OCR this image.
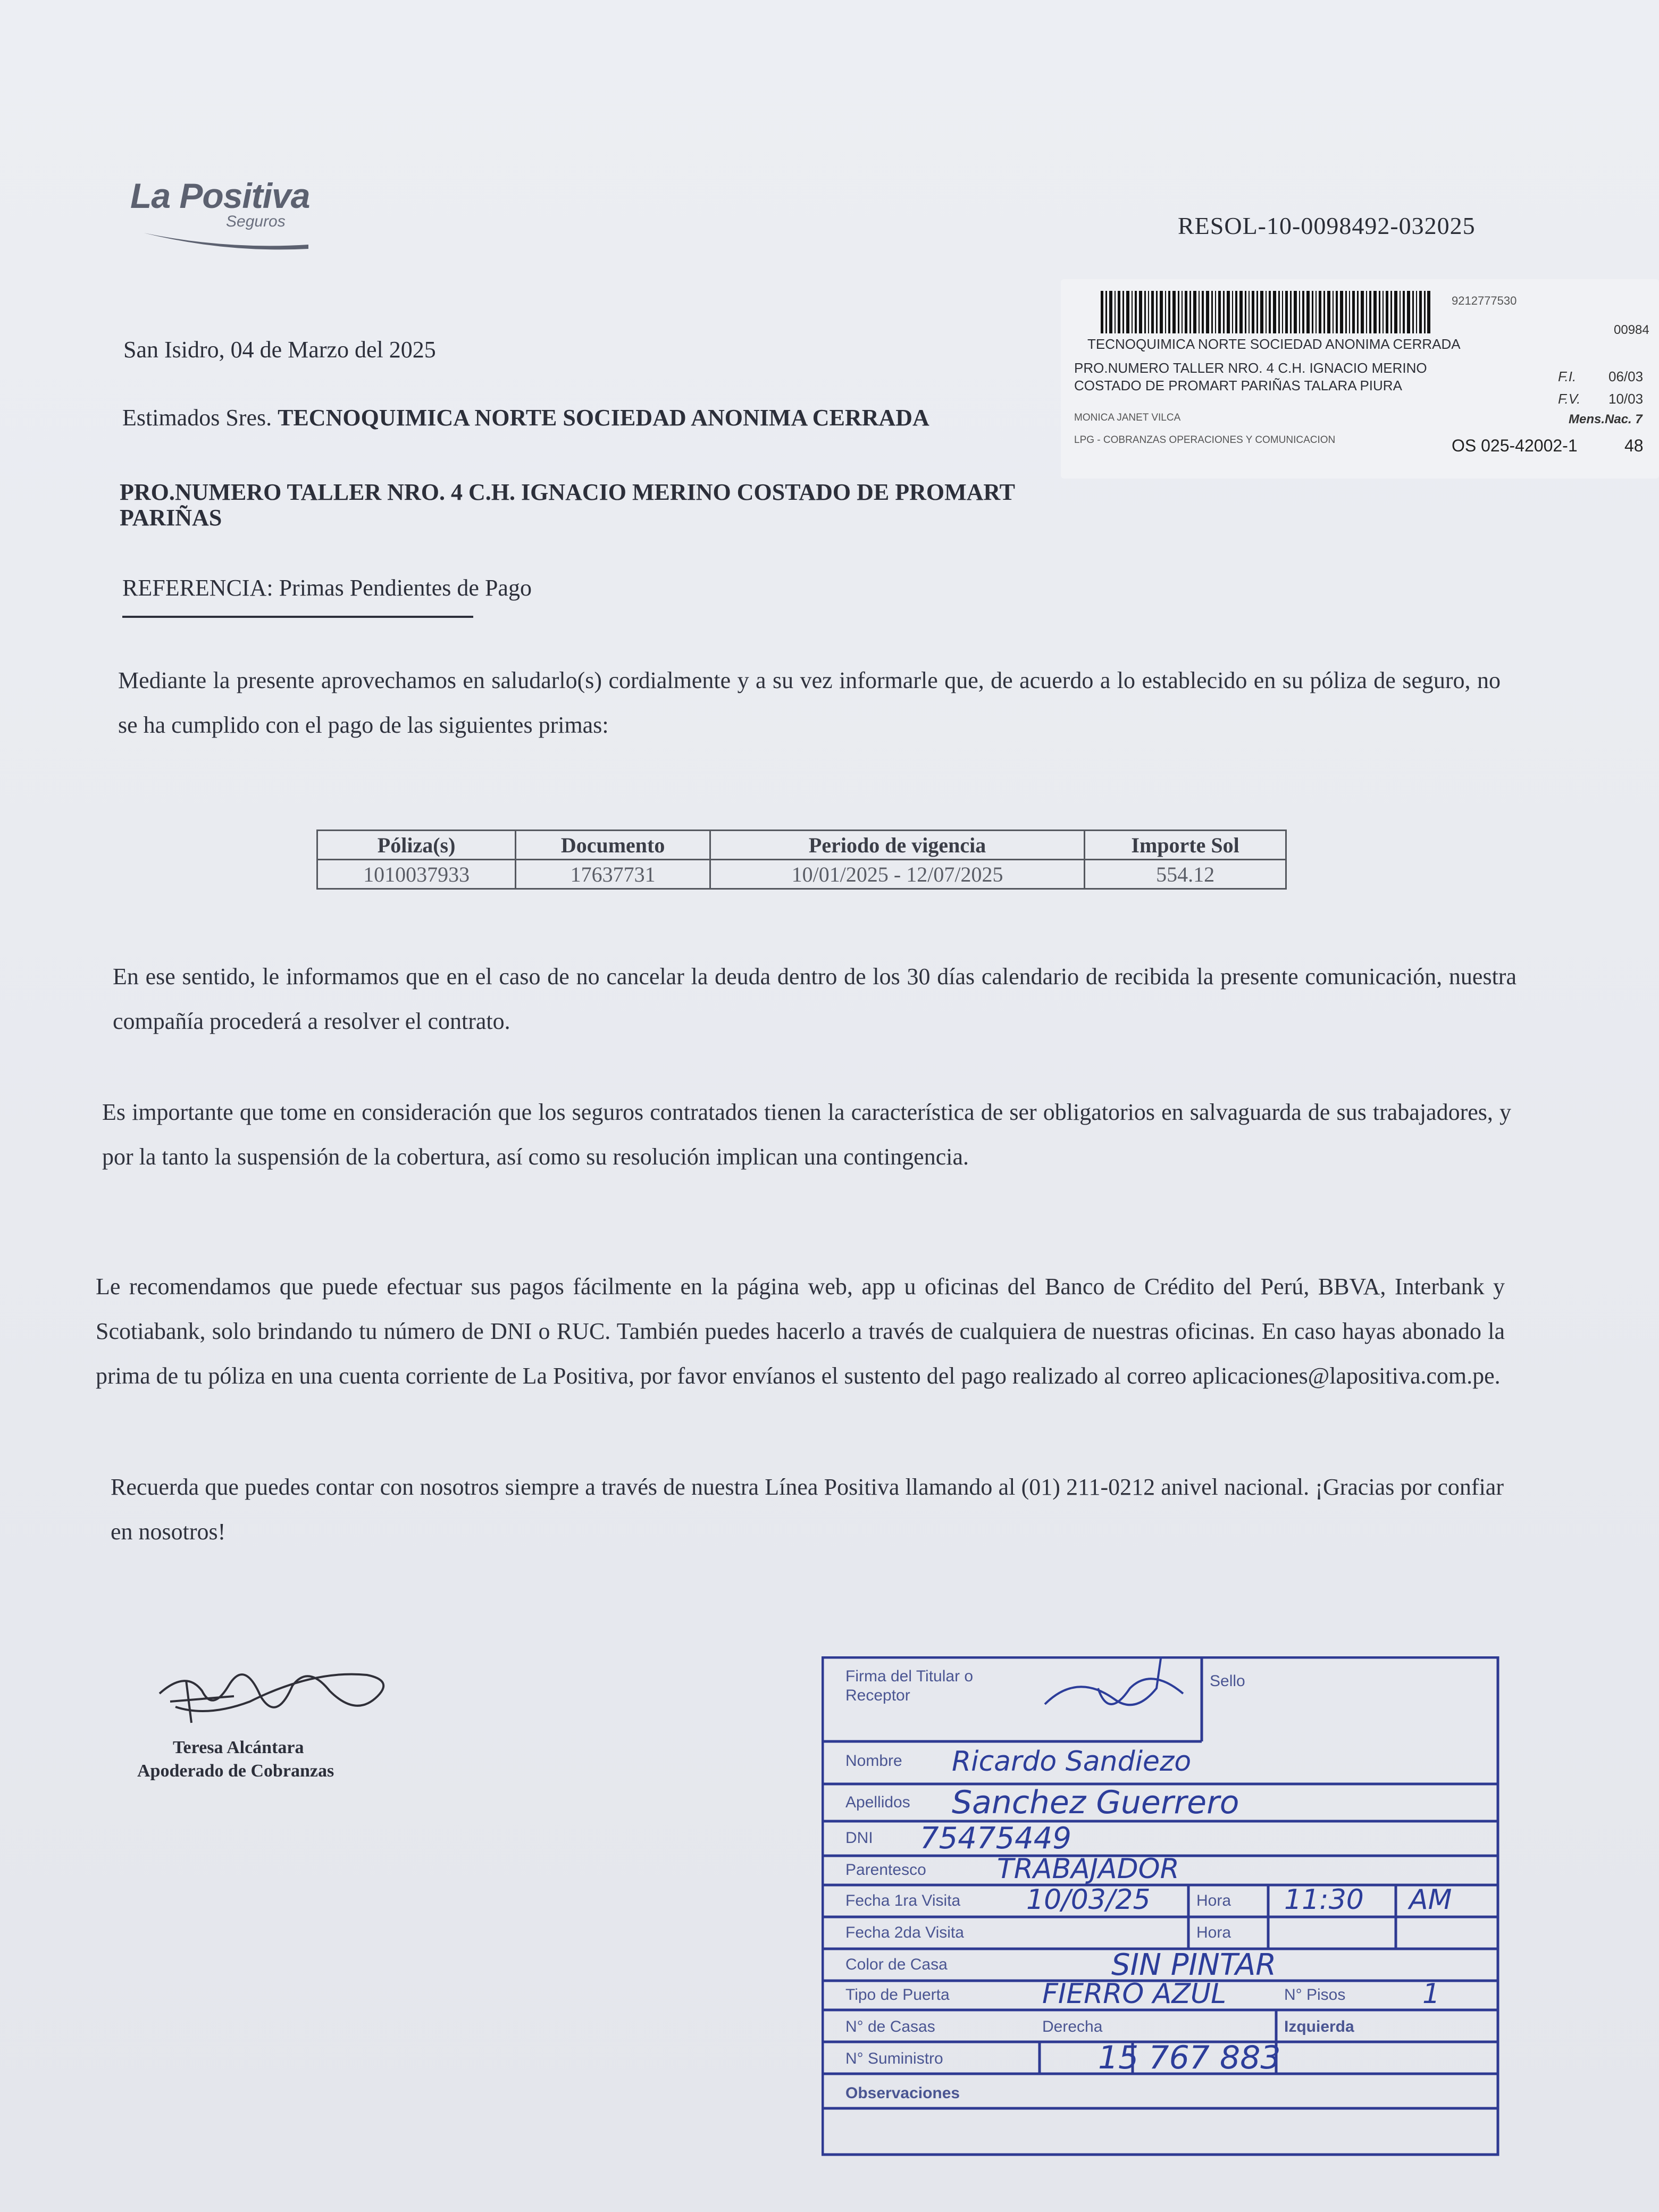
La Positiva
Seguros	RESOL-10-0098492-032025
9212777530
00984
TECNOQUIMICA NORTE SOCIEDAD ANONIMA CERRADA
PRO.NUMERO TALLER NRO. 4 C.H. IGNACIO MERINO
COSTADO DE PROMART PARIÑAS TALARA PIURA
MONICA JANET VILCA
LPG - COBRANZAS OPERACIONES Y COMUNICACION
F.I. 06/03
F.V. 10/03
Mens.Nac. 7
OS 025-42002-1	48
San Isidro, 04 de Marzo del 2025
Estimados Sres. TECNOQUIMICA NORTE SOCIEDAD ANONIMA CERRADA
PRO.NUMERO TALLER NRO. 4 C.H. IGNACIO MERINO COSTADO DE PROMART
PARIÑAS
REFERENCIA: Primas Pendientes de Pago
Mediante la presente aprovechamos en saludarlo(s) cordialmente y a su vez informarle que, de acuerdo a lo establecido en su póliza de seguro, no se ha cumplido con el pago de las siguientes primas:
Póliza(s)	Documento	Periodo de vigencia	Importe Sol
1010037933	17637731	10/01/2025 - 12/07/2025	554.12
En ese sentido, le informamos que en el caso de no cancelar la deuda dentro de los 30 días calendario de recibida la presente comunicación, nuestra compañía procederá a resolver el contrato.
Es importante que tome en consideración que los seguros contratados tienen la característica de ser obligatorios en salvaguarda de sus trabajadores, y por la tanto la suspensión de la cobertura, así como su resolución implican una contingencia.
Le recomendamos que puede efectuar sus pagos fácilmente en la página web, app u oficinas del Banco de Crédito del Perú, BBVA, Interbank y Scotiabank, solo brindando tu número de DNI o RUC. También puedes hacerlo a través de cualquiera de nuestras oficinas. En caso hayas abonado la prima de tu póliza en una cuenta corriente de La Positiva, por favor envíanos el sustento del pago realizado al correo aplicaciones@lapositiva.com.pe.
Recuerda que puedes contar con nosotros siempre a través de nuestra Línea Positiva llamando al (01) 211-0212 anivel nacional. ¡Gracias por confiar en nosotros!
Teresa Alcántara
Apoderado de Cobranzas
Firma del Titular o Receptor
Sello
Nombre Ricardo Sandiezo
Apellidos Sanchez Guerrero
DNI 75475449
Parentesco	TRABAJADOR
Fecha 1ra Visita 10/03/25	Hora 11:30 AM
Fecha 2da Visita	Hora
Color de Casa	SIN PINTAR
Tipo de Puerta	FIERRO AZUL	N° Pisos	1
N° de Casas	Derecha	Izquierda
N° Suministro	15 767 883
Observaciones
